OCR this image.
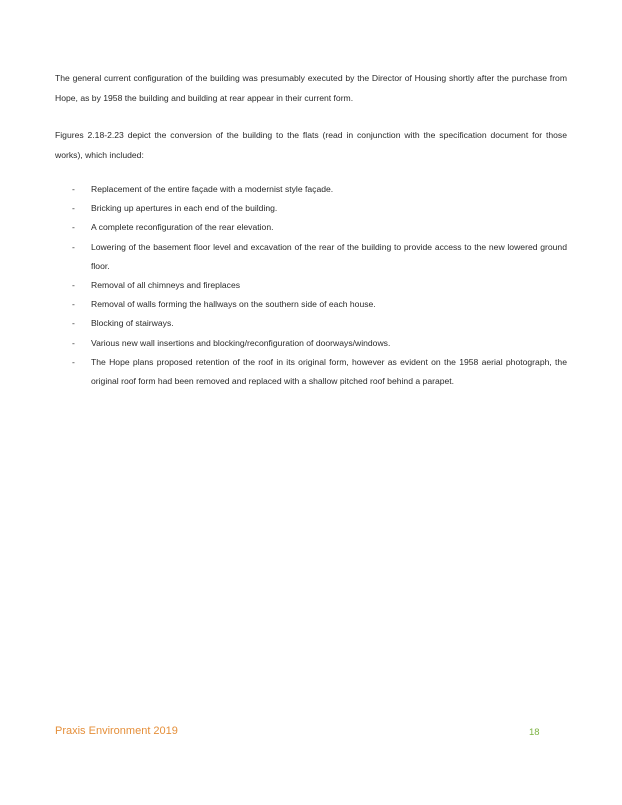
The general current configuration of the building was presumably executed by the Director of Housing shortly after the purchase from Hope, as by 1958 the building and building at rear appear in their current form.

Figures 2.18-2.23 depict the conversion of the building to the flats (read in conjunction with the specification document for those works), which included:

- Replacement of the entire façade with a modernist style façade.
- Bricking up apertures in each end of the building.
- A complete reconfiguration of the rear elevation.
- Lowering of the basement floor level and excavation of the rear of the building to provide access to the new lowered ground floor.
- Removal of all chimneys and fireplaces
- Removal of walls forming the hallways on the southern side of each house.
- Blocking of stairways.
- Various new wall insertions and blocking/reconfiguration of doorways/windows.
- The Hope plans proposed retention of the roof in its original form, however as evident on the 1958 aerial photograph, the original roof form had been removed and replaced with a shallow pitched roof behind a parapet.
Praxis Environment 2019	18
